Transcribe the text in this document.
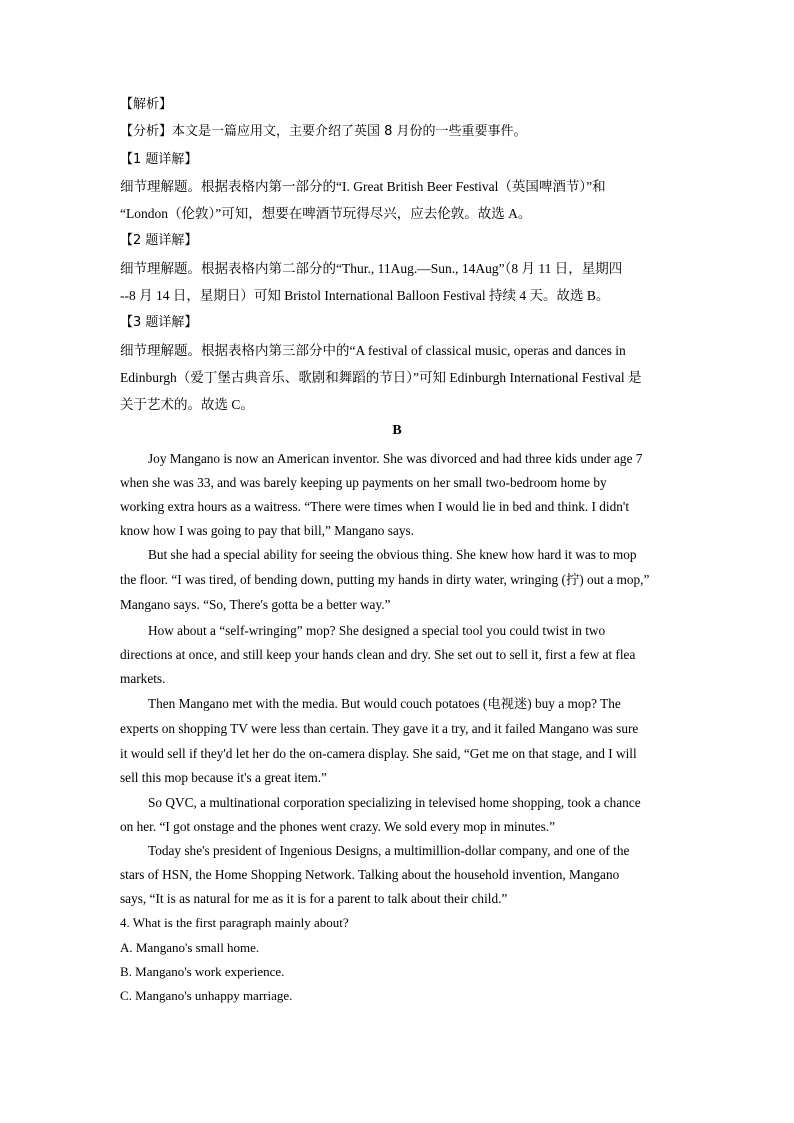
【解析】
【分析】本文是一篇应用文，主要介绍了英国 8 月份的一些重要事件。
【1 题详解】
细节理解题。根据表格内第一部分的“I. Great British Beer Festival（英国啤酒节）”和
“London（伦敦）”可知，想要在啤酒节玩得尽兴，应去伦敦。故选 A。
【2 题详解】
细节理解题。根据表格内第二部分的“Thur., 11Aug.—Sun., 14Aug”（8 月 11 日，星期四
--8 月 14 日，星期日）可知 Bristol International Balloon Festival 持续 4 天。故选 B。
【3 题详解】
细节理解题。根据表格内第三部分中的“A festival of classical music, operas and dances in
Edinburgh（爱丁堡古典音乐、歌剧和舞蹈的节日）”可知 Edinburgh International Festival 是
关于艺术的。故选 C。
B
Joy Mangano is now an American inventor. She was divorced and had three kids under age 7
when she was 33, and was barely keeping up payments on her small two-bedroom home by
working extra hours as a waitress. “There were times when I would lie in bed and think. I didn't
know how I was going to pay that bill,” Mangano says.
But she had a special ability for seeing the obvious thing. She knew how hard it was to mop
the floor. “I was tired, of bending down, putting my hands in dirty water, wringing (拧) out a mop,”
Mangano says. “So, There's gotta be a better way.”
How about a “self-wringing” mop? She designed a special tool you could twist in two
directions at once, and still keep your hands clean and dry. She set out to sell it, first a few at flea
markets.
Then Mangano met with the media. But would couch potatoes (电视迷) buy a mop? The
experts on shopping TV were less than certain. They gave it a try, and it failed Mangano was sure
it would sell if they'd let her do the on-camera display. She said, “Get me on that stage, and I will
sell this mop because it's a great item.”
So QVC, a multinational corporation specializing in televised home shopping, took a chance
on her. “I got onstage and the phones went crazy. We sold every mop in minutes.”
Today she's president of Ingenious Designs, a multimillion-dollar company, and one of the
stars of HSN, the Home Shopping Network. Talking about the household invention, Mangano
says, “It is as natural for me as it is for a parent to talk about their child.”
4. What is the first paragraph mainly about?
A. Mangano's small home.
B. Mangano's work experience.
C. Mangano's unhappy marriage.
